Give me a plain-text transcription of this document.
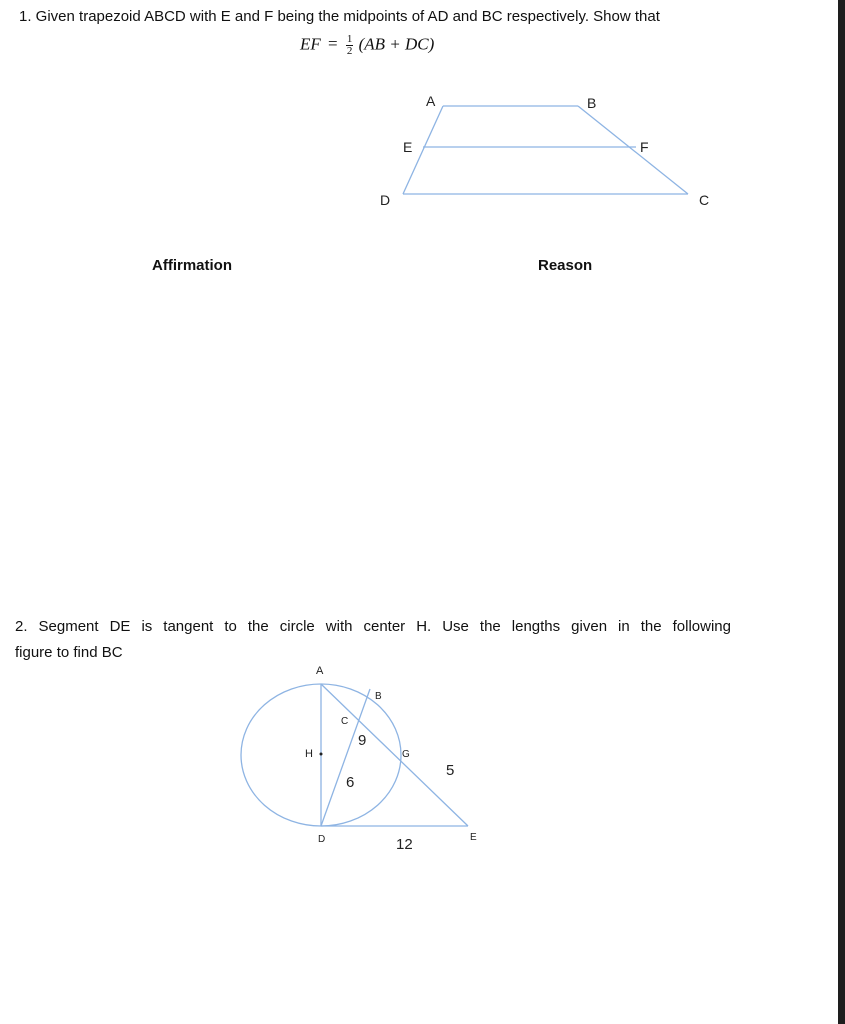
1. Given trapezoid ABCD with E and F being the midpoints of AD and BC respectively. Show that
EF = $\frac{1}{2} (AB + DC)$
A	B
E	F
D	C
A
B
C
H	G
D	E
9
6
5
12
Affirmation	Reason
2. Segment DE is tangent to the circle with center H. Use the lengths given in the following
figure to find BC
